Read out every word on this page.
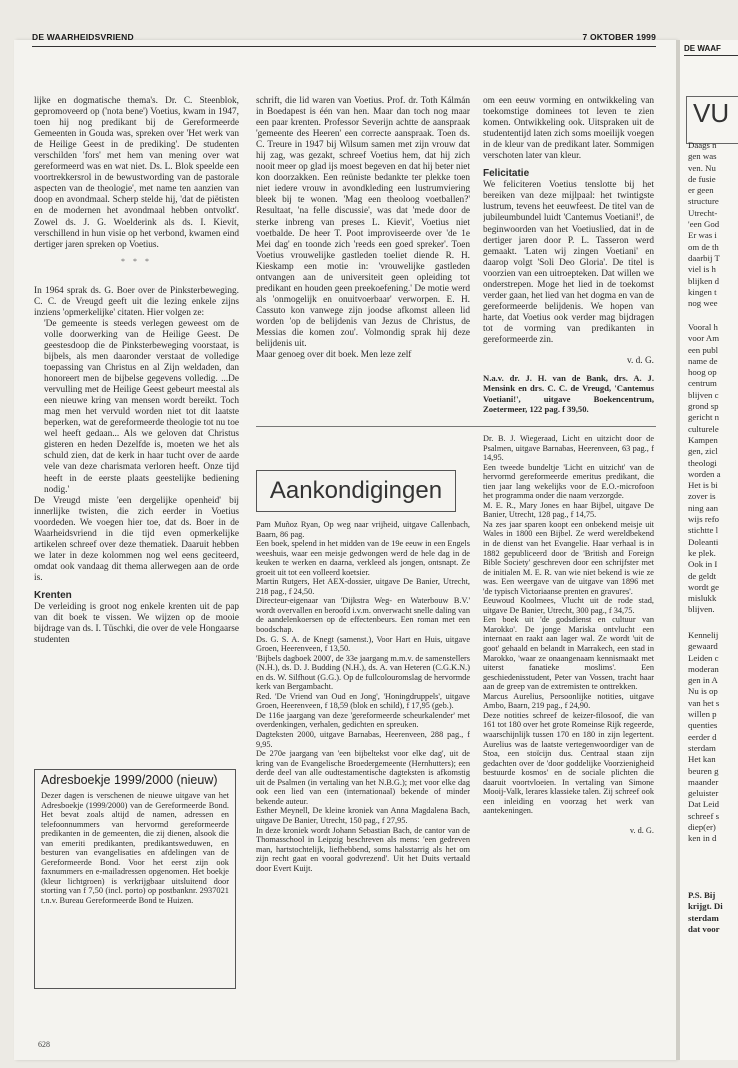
DE WAARHEIDSVRIEND	7 OKTOBER 1999

lijke en dogmatische thema's. Dr. C. Steenblok, gepromoveerd op ('nota bene') Voetius, kwam in 1947, toen hij nog predikant bij de Gereformeerde Gemeenten in Gouda was, spreken over 'Het werk van de Heilige Geest in de prediking'. De studenten verschilden 'fors' met hem van mening over wat gereformeerd was en wat niet. Ds. L. Blok speelde een voortrekkersrol in de bewustwording van de pastorale aspecten van de theologie', met name ten aanzien van doop en avondmaal. Scherp stelde hij, 'dat de piëtisten en de modernen het avondmaal hebben ontvolkt'. Zowel ds. J. G. Woelderink als ds. I. Kievit, verschillend in hun visie op het verbond, kwamen eind dertiger jaren spreken op Voetius.

* * *

In 1964 sprak ds. G. Boer over de Pinksterbeweging. C. C. de Vreugd geeft uit die lezing enkele zijns inziens 'opmerkelijke' citaten. Hier volgen ze:

'De gemeente is steeds verlegen geweest om de volle doorwerking van de Heilige Geest. De geestesdoop die de Pinksterbeweging voorstaat, is bijbels, als men daaronder verstaat de volledige toepassing van Christus en al Zijn weldaden, dan honoreert men de bijbelse gegevens volledig. ...De vervulling met de Heilige Geest gebeurt meestal als een nieuwe kring van mensen wordt bereikt. Toch mag men het vervuld worden niet tot dit laatste beperken, wat de gereformeerde theologie tot nu toe wel heeft gedaan... Als we geloven dat Christus gisteren en heden Dezelfde is, moeten we het als schuld zien, dat de kerk in haar tucht over de aarde vele van deze charismata verloren heeft. Onze tijd heeft in de eerste plaats geestelijke bediening nodig.'

De Vreugd miste 'een dergelijke openheid' bij innerlijke twisten, die zich eerder in Voetius voordeden. We voegen hier toe, dat ds. Boer in de Waarheidsvriend in die tijd even opmerkelijke artikelen schreef over deze thematiek. Daaruit hebben we later in deze kolommen nog wel eens geciteerd, omdat ook vandaag dit thema allerwegen aan de orde is.

Krenten

De verleiding is groot nog enkele krenten uit de pap van dit boek te vissen. We wijzen op de mooie bijdrage van ds. I. Tüschki, die over de vele Hongaarse studenten

Adresboekje 1999/2000 (nieuw)
Dezer dagen is verschenen de nieuwe uitgave van het Adresboekje (1999/2000) van de Gereformeerde Bond. Het bevat zoals altijd de namen, adressen en telefoonnummers van hervormd gereformeerde predikanten in de gemeenten, die zij dienen, alsook die van emeriti predikanten, predikantsweduwen, en besturen van evangelisaties en afdelingen van de Gereformeerde Bond. Voor het eerst zijn ook faxnummers en e-mailadressen opgenomen. Het boekje (kleur lichtgroen) is verkrijgbaar uitsluitend door storting van f 7,50 (incl. porto) op postbanknr. 2937021 t.n.v. Bureau Gereformeerde Bond te Huizen.

schrift, die lid waren van Voetius. Prof. dr. Toth Kálmán in Boedapest is één van hen. Maar dan toch nog maar een paar krenten. Professor Severijn achtte de aanspraak 'gemeente des Heeren' een correcte aanspraak. Toen ds. C. Treure in 1947 bij Wilsum samen met zijn vrouw dat hij zag, was gezakt, schreef Voetius hem, dat hij zich nooit meer op glad ijs moest begeven en dat hij beter niet kon doorzakken. Een reüniste bedankte ter plekke toen niet iedere vrouw in avondkleding een lustrumviering bleek bij te wonen. 'Mag een theoloog voetballen?' Resultaat, 'na felle discussie', was dat 'mede door de sterke inbreng van preses L. Kievit', Voetius niet voetbalde. De heer T. Poot improviseerde over 'de 1e Mei dag' en toonde zich 'reeds een goed spreker'. Toen Voetius vrouwelijke gastleden toeliet diende R. H. Kieskamp een motie in: 'vrouwelijke gastleden ontvangen aan de universiteit geen opleiding tot predikant en houden geen preekoefening.' De motie werd als 'onmogelijk en onuitvoerbaar' verworpen. E. H. Cassuto kon vanwege zijn joodse afkomst alleen lid worden 'op de belijdenis van Jezus de Christus, de Messias die komen zou'. Volmondig sprak hij deze belijdenis uit.

Maar genoeg over dit boek. Men leze zelf

om een eeuw vorming en ontwikkeling van toekomstige dominees tot leven te zien komen. Ontwikkeling ook. Uitspraken uit de studententijd laten zich soms moeilijk voegen in de kleur van de predikant later. Sommigen verschoten later van kleur.

Felicitatie

We feliciteren Voetius tenslotte bij het bereiken van deze mijlpaal: het twintigste lustrum, tevens het eeuwfeest. De titel van de jubileumbundel luidt 'Cantemus Voetiani!', de beginwoorden van het Voetiuslied, dat in de dertiger jaren door P. L. Tasseron werd gemaakt. 'Laten wij zingen Voetiani' en daarop volgt 'Soli Deo Gloria'. De titel is voorzien van een uitroepteken. Dat willen we onderstrepen. Moge het lied in de toekomst verder gaan, het lied van het dogma en van de gereformeerde belijdenis. We hopen van harte, dat Voetius ook verder mag bijdragen tot de vorming van predikanten in gereformeerde zin.

v. d. G.
N.a.v. dr. J. H. van de Bank, drs. A. J. Mensink en drs. C. C. de Vreugd, 'Cantemus Voetiani!', uitgave Boekencentrum, Zoetermeer, 122 pag. f 39,50.
Aankondigingen

Pam Muñoz Ryan, Op weg naar vrijheid, uitgave Callenbach, Baarn, 86 pag.

Een boek, spelend in het midden van de 19e eeuw in een Engels weeshuis, waar een meisje gedwongen werd de hele dag in de keuken te werken en daarna, verkleed als jongen, ontsnapt. Ze groeit uit tot een volleerd koetsier.

Martin Rutgers, Het AEX-dossier, uitgave De Banier, Utrecht, 218 pag., f 24,50.

Directeur-eigenaar van 'Dijkstra Weg- en Waterbouw B.V.' wordt overvallen en beroofd i.v.m. onverwacht snelle daling van de aandelenkoersen op de effectenbeurs. Een roman met een boodschap.

Ds. G. S. A. de Knegt (samenst.), Voor Hart en Huis, uitgave Groen, Heerenveen, f 13,50.

'Bijbels dagboek 2000', de 33e jaargang m.m.v. de samenstellers (N.H.), ds. D. J. Budding (N.H.), ds. A. van Heteren (C.G.K.N.) en ds. W. Silfhout (G.G.). Op de fullcolouromslag de hervormde kerk van Bergambacht.

Red. 'De Vriend van Oud en Jong', 'Honingdruppels', uitgave Groen, Heerenveen, f 18,59 (blok en schild), f 17,95 (geb.).

De 116e jaargang van deze 'gereformeerde scheurkalender' met overdenkingen, verhalen, gedichten en spreuken.

Dagteksten 2000, uitgave Barnabas, Heerenveen, 288 pag., f 9,95.

De 270e jaargang van 'een bijbeltekst voor elke dag', uit de kring van de Evangelische Broedergemeente (Hernhutters); een derde deel van alle oudtestamentische dagteksten is afkomstig uit de Psalmen (in vertaling van het N.B.G.); met voor elke dag ook een lied van een (internationaal) bekende of minder bekende auteur.

Esther Meynell, De kleine kroniek van Anna Magdalena Bach, uitgave De Banier, Utrecht, 150 pag., f 27,95.

In deze kroniek wordt Johann Sebastian Bach, de cantor van de Thomasschool in Leipzig beschreven als mens: 'een gedreven man, hartstochtelijk, liefhebbend, soms halsstarrig als het om zijn recht gaat en vooral godvrezend'. Uit het Duits vertaald door Evert Kuijt.

Dr. B. J. Wiegeraad, Licht en uitzicht door de Psalmen, uitgave Barnabas, Heerenveen, 63 pag., f 14,95.

Een tweede bundeltje 'Licht en uitzicht' van de hervormd gereformeerde emeritus predikant, die tien jaar lang wekelijks voor de E.O.-microfoon het programma onder die naam verzorgde.

M. E. R., Mary Jones en haar Bijbel, uitgave De Banier, Utrecht, 128 pag., f 14,75.

Na zes jaar sparen koopt een onbekend meisje uit Wales in 1800 een Bijbel. Ze werd wereldbekend in de dienst van het Evangelie. Haar verhaal is in 1882 gepubliceerd door de 'British and Foreign Bible Society' geschreven door een schrijfster met de initialen M. E. R. van wie niet bekend is wie ze was. Een weergave van de uitgave van 1896 met 'de typisch Victoriaanse prenten en gravures'.

Eeuwoud Koolmees, Vlucht uit de rode stad, uitgave De Banier, Utrecht, 300 pag., f 34,75.

Een boek uit 'de godsdienst en cultuur van Marokko'. De jonge Mariska ontvlucht een internaat en raakt aan lager wal. Ze wordt 'uit de goot' gehaald en belandt in Marrakech, een stad in Marokko, 'waar ze onaangenaam kennismaakt met uiterst fanatieke moslims'. Een geschiedenisstudent, Peter van Vossen, tracht haar aan de greep van de extremisten te onttrekken.

Marcus Aurelius, Persoonlijke notities, uitgave Ambo, Baarn, 219 pag., f 24,90.

Deze notities schreef de keizer-filosoof, die van 161 tot 180 over het grote Romeinse Rijk regeerde, waarschijnlijk tussen 170 en 180 in zijn legertent. Aurelius was de laatste vertegenwoordiger van de Stoa, een stoïcijn dus. Centraal staan zijn gedachten over de 'door goddelijke Voorzienigheid bestuurde kosmos' en de sociale plichten die daaruit voortvloeien. In vertaling van Simone Mooij-Valk, lerares klassieke talen. Zij schreef ook een inleiding en voorzag het werk van aantekeningen.

v. d. G.
628
DE WAAF
VU

Daags n

gen was

ven. Nu

de fusie

er geen

structure

Utrecht-

'een God

Er was i

om de th

daarbij T

viel is h

blijken d

kingen t

nog wee

Vooral h

voor Am

een publ

name de

hoog op

centrum

blijven c

grond sp

gericht n

culturele

Kampen

gen, zicl

theologi

worden a

Het is bi

zover is

ning aan

wijs refo

stichtte l

Doleanti

ke plek.

Ook in I

de geldt

wordt ge

mislukk

blijven.

Kennelij

gewaard

Leiden c

moderan

gen in A

Nu is op

van het s

willen p

quenties

eerder d

sterdam

Het kan

beuren g

maander

geluister

Dat Leid

schreef s

diep(er)

ken in d

P.S. Bij

krijgt. Di

sterdam

dat voor
